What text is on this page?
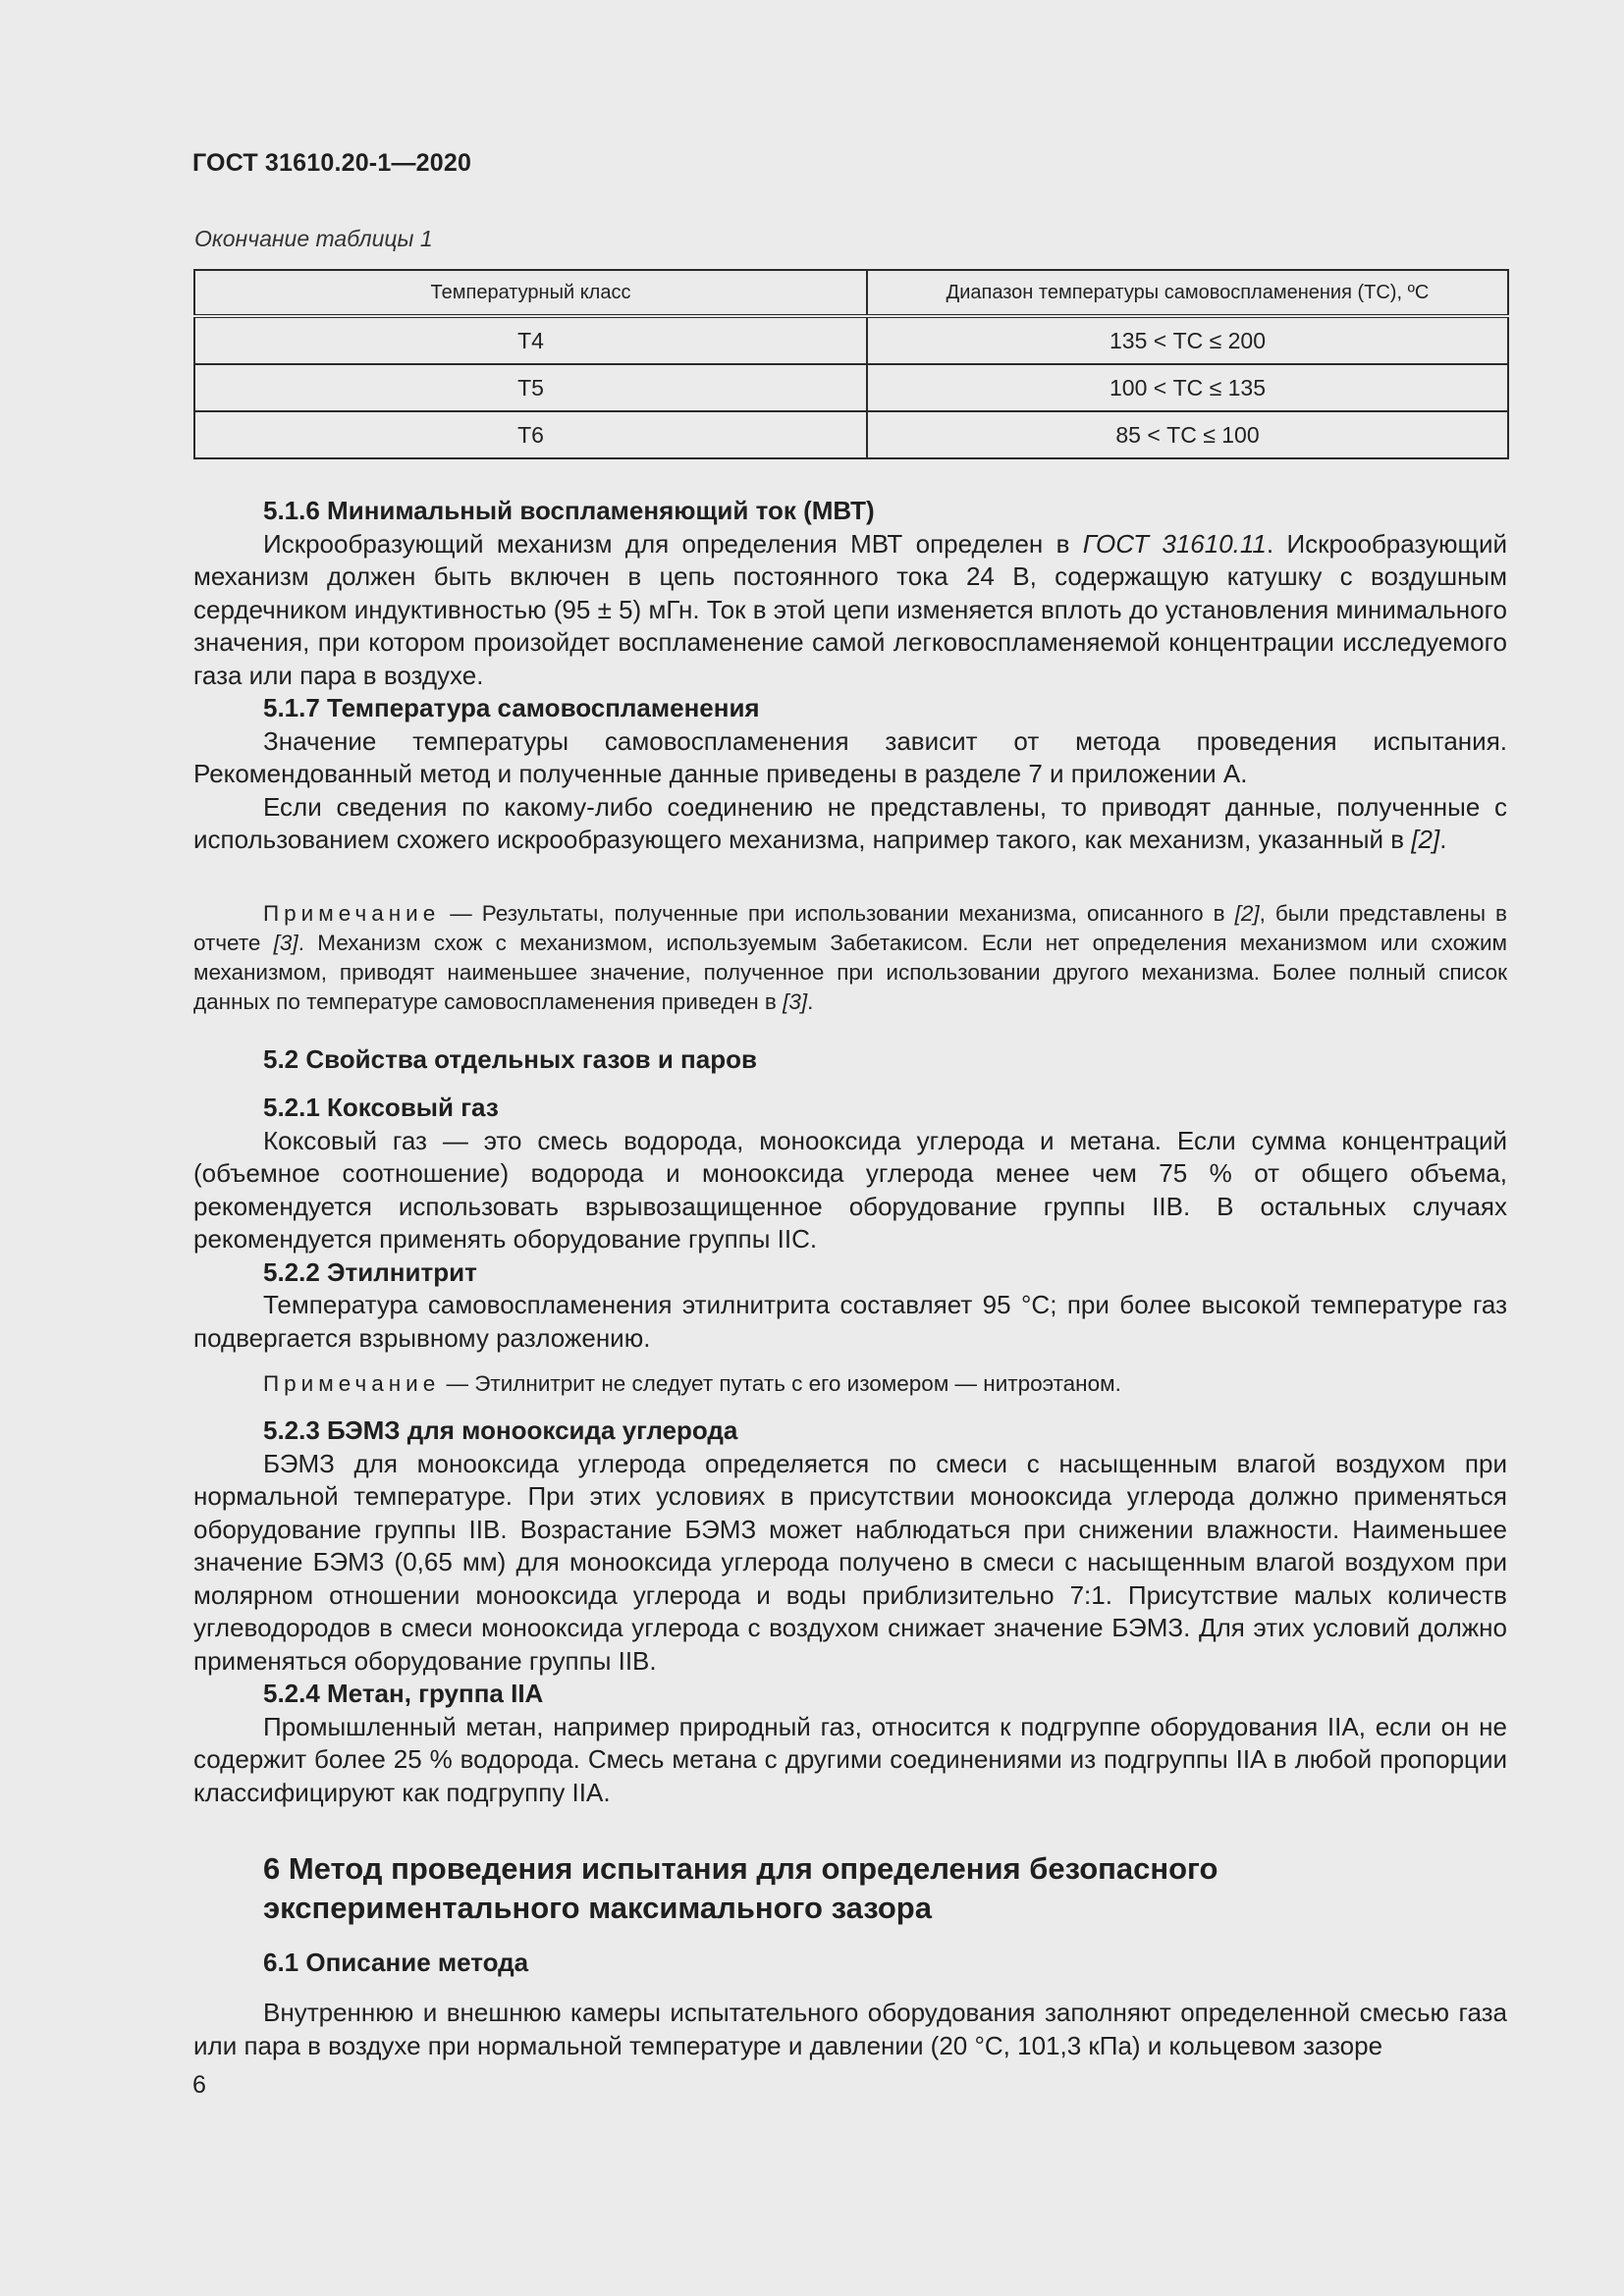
ГОСТ 31610.20-1—2020
Окончание таблицы 1
Температурный класс	Диапазон температуры самовоспламенения (ТС), ºС
Т4	135 < ТС ≤ 200
Т5	100 < ТС ≤ 135
Т6	85 < ТС ≤ 100

5.1.6 Минимальный воспламеняющий ток (МВТ)

Искрообразующий механизм для определения МВТ определен в ГОСТ 31610.11. Искрообразующий механизм должен быть включен в цепь постоянного тока 24 В, содержащую катушку с воздушным сердечником индуктивностью (95 ± 5) мГн. Ток в этой цепи изменяется вплоть до установления минимального значения, при котором произойдет воспламенение самой легковоспламеняемой концентрации исследуемого газа или пара в воздухе.

5.1.7 Температура самовоспламенения

Значение температуры самовоспламенения зависит от метода проведения испытания. Рекомендованный метод и полученные данные приведены в разделе 7 и приложении А.

Если сведения по какому-либо соединению не представлены, то приводят данные, полученные с использованием схожего искрообразующего механизма, например такого, как механизм, указанный в [2].

Примечание — Результаты, полученные при использовании механизма, описанного в [2], были представлены в отчете [3]. Механизм схож с механизмом, используемым Забетакисом. Если нет определения механизмом или схожим механизмом, приводят наименьшее значение, полученное при использовании другого механизма. Более полный список данных по температуре самовоспламенения приведен в [3].

5.2 Свойства отдельных газов и паров

5.2.1 Коксовый газ

Коксовый газ — это смесь водорода, монооксида углерода и метана. Если сумма концентраций (объемное соотношение) водорода и монооксида углерода менее чем 75 % от общего объема, рекомендуется использовать взрывозащищенное оборудование группы IIB. В остальных случаях рекомендуется применять оборудование группы IIC.

5.2.2 Этилнитрит

Температура самовоспламенения этилнитрита составляет 95 °С; при более высокой температуре газ подвергается взрывному разложению.

Примечание — Этилнитрит не следует путать с его изомером — нитроэтаном.

5.2.3 БЭМЗ для монооксида углерода

БЭМЗ для монооксида углерода определяется по смеси с насыщенным влагой воздухом при нормальной температуре. При этих условиях в присутствии монооксида углерода должно применяться оборудование группы IIB. Возрастание БЭМЗ может наблюдаться при снижении влажности. Наименьшее значение БЭМЗ (0,65 мм) для монооксида углерода получено в смеси с насыщенным влагой воздухом при молярном отношении монооксида углерода и воды приблизительно 7:1. Присутствие малых количеств углеводородов в смеси монооксида углерода с воздухом снижает значение БЭМЗ. Для этих условий должно применяться оборудование группы IIB.

5.2.4 Метан, группа IIA

Промышленный метан, например природный газ, относится к подгруппе оборудования IIA, если он не содержит более 25 % водорода. Смесь метана с другими соединениями из подгруппы IIA в любой пропорции классифицируют как подгруппу IIA.

6 Метод проведения испытания для определения безопасного

экспериментального максимального зазора

6.1 Описание метода

Внутреннюю и внешнюю камеры испытательного оборудования заполняют определенной смесью газа или пара в воздухе при нормальной температуре и давлении (20 °С, 101,3 кПа) и кольцевом зазоре

6
